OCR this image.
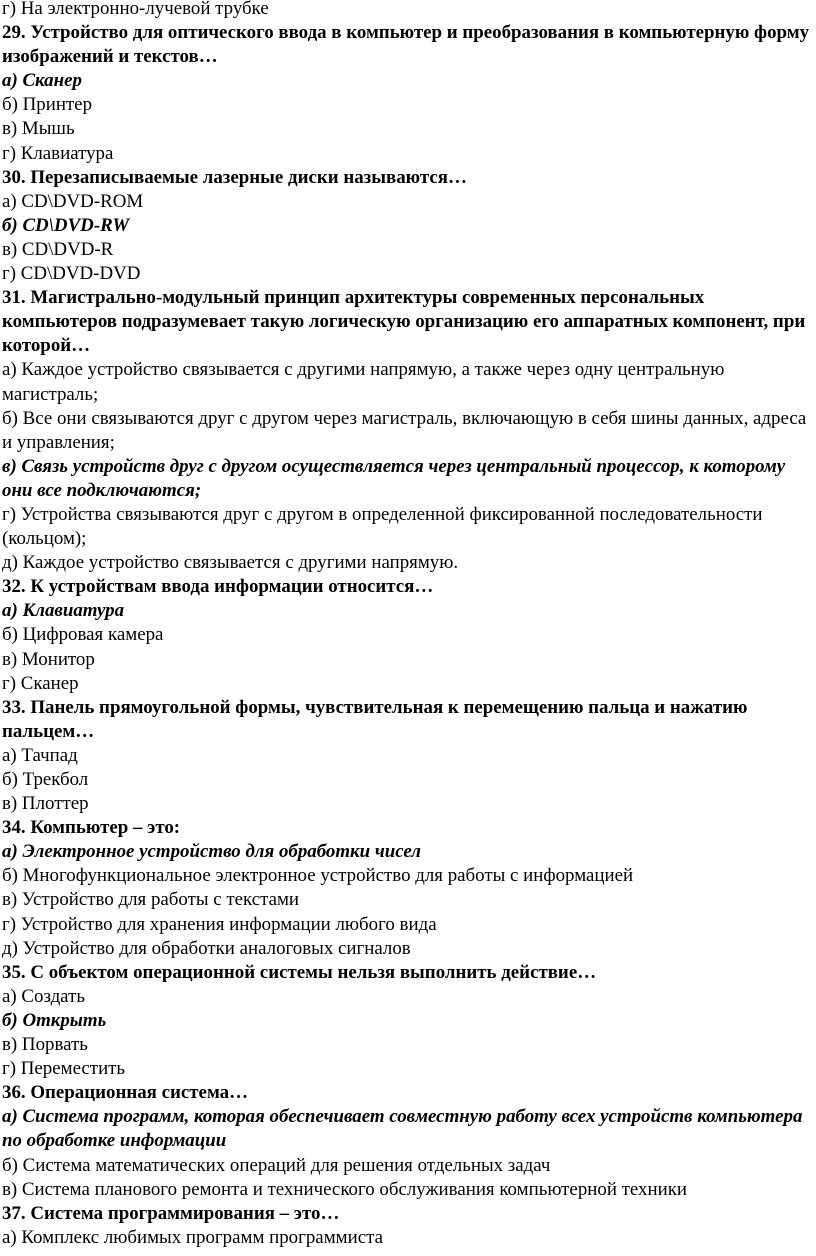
г) На электронно-лучевой трубке
29. Устройство для оптического ввода в компьютер и преобразования в компьютерную форму изображений и текстов…
а) Сканер
б) Принтер
в) Мышь
г) Клавиатура
30. Перезаписываемые лазерные диски называются…
а) CD\DVD-ROM
б) CD\DVD-RW
в) CD\DVD-R
г) CD\DVD-DVD
31. Магистрально-модульный принцип архитектуры современных персональных компьютеров подразумевает такую логическую организацию его аппаратных компонент, при которой…
а) Каждое устройство связывается с другими напрямую, а также через одну центральную магистраль;
б) Все они связываются друг с другом через магистраль, включающую в себя шины данных, адреса и управления;
в) Связь устройств друг с другом осуществляется через центральный процессор, к которому они все подключаются;
г) Устройства связываются друг с другом в определенной фиксированной последовательности (кольцом);
д) Каждое устройство связывается с другими напрямую.
32. К устройствам ввода информации относится…
а) Клавиатура
б) Цифровая камера
в) Монитор
г) Сканер
33. Панель прямоугольной формы, чувствительная к перемещению пальца и нажатию пальцем…
а) Тачпад
б) Трекбол
в) Плоттер
34. Компьютер – это:
а) Электронное устройство для обработки чисел
б) Многофункциональное электронное устройство для работы с информацией
в) Устройство для работы с текстами
г) Устройство для хранения информации любого вида
д) Устройство для обработки аналоговых сигналов
35. С объектом операционной системы нельзя выполнить действие…
а) Создать
б) Открыть
в) Порвать
г) Переместить
36. Операционная система…
а) Система программ, которая обеспечивает совместную работу всех устройств компьютера по обработке информации
б) Система математических операций для решения отдельных задач
в) Система планового ремонта и технического обслуживания компьютерной техники
37. Система программирования – это…
а) Комплекс любимых программ программиста
